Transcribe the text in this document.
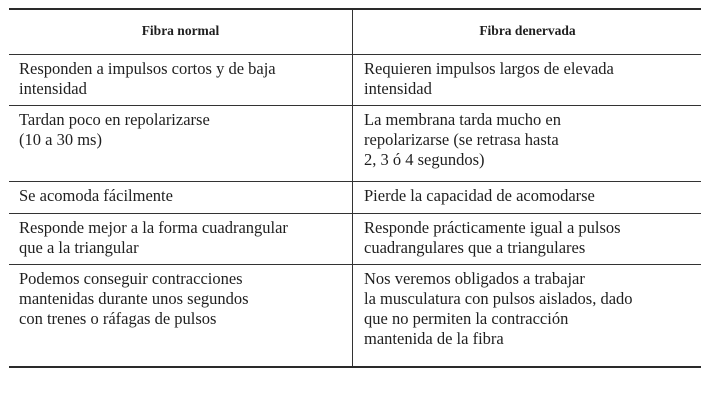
Fibra normal	Fibra denervada
Responden a impulsos cortos y de baja
intensidad
Requieren impulsos largos de elevada
intensidad
Tardan poco en repolarizarse
(10 a 30 ms)
La membrana tarda mucho en
repolarizarse (se retrasa hasta
2, 3 ó 4 segundos)
Se acomoda fácilmente	Pierde la capacidad de acomodarse
Responde mejor a la forma cuadrangular
que a la triangular
Responde prácticamente igual a pulsos
cuadrangulares que a triangulares
Podemos conseguir contracciones
mantenidas durante unos segundos
con trenes o ráfagas de pulsos
Nos veremos obligados a trabajar
la musculatura con pulsos aislados, dado
que no permiten la contracción
mantenida de la fibra
